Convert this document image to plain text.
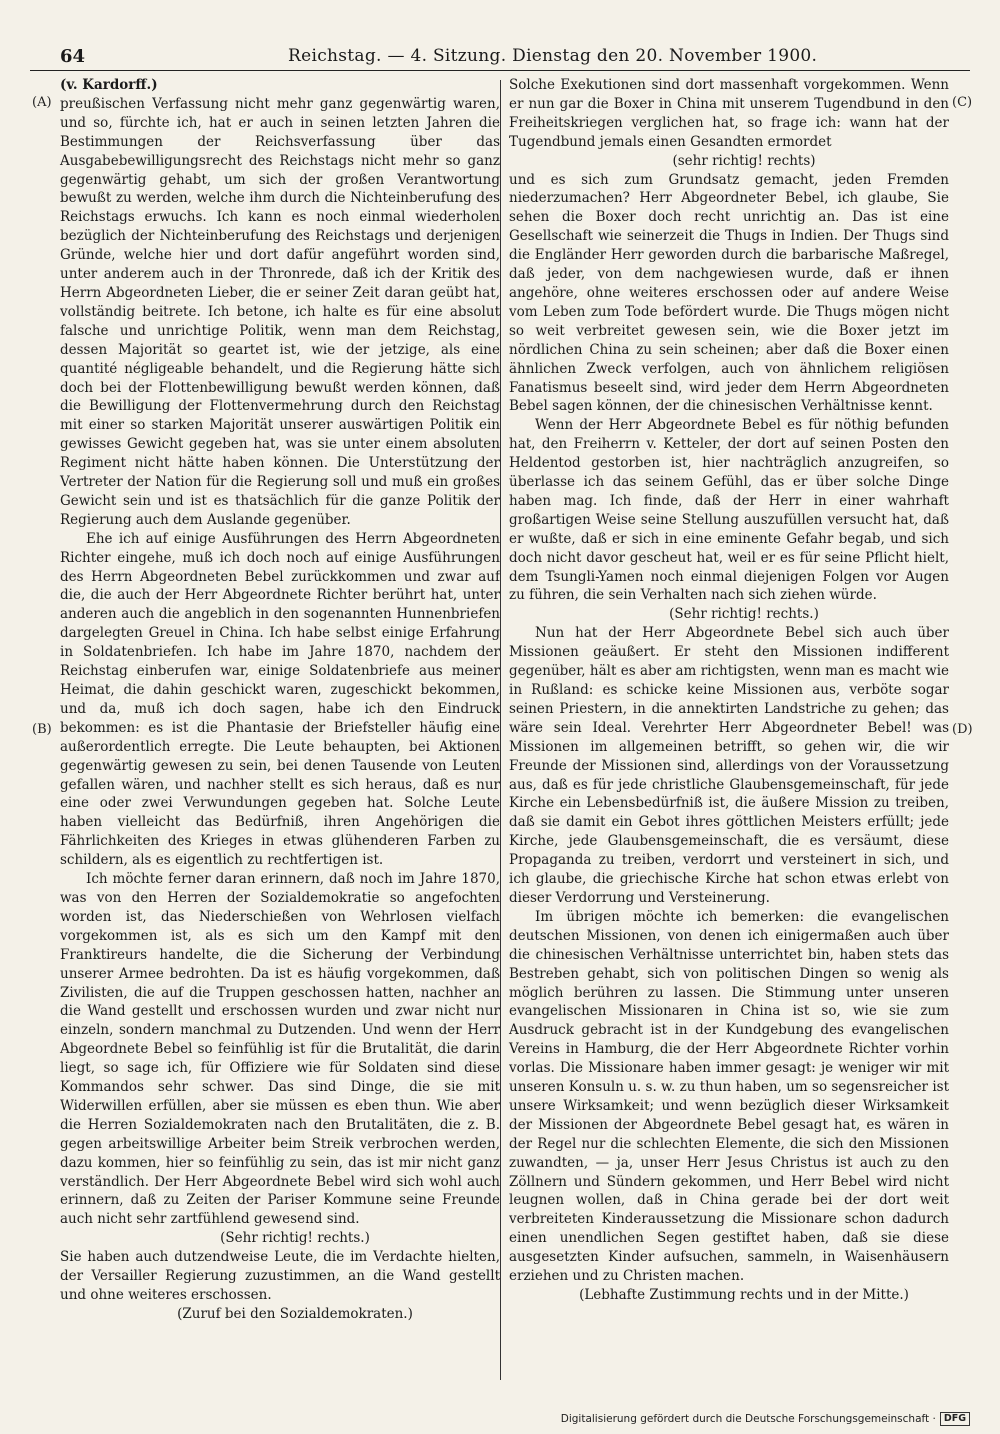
64	Reichstag. — 4. Sitzung. Dienstag den 20. November 1900.
(A)
(B)
(C)
(D)

(v. Kardorff.)

preußischen Verfassung nicht mehr ganz gegenwärtig waren, und so, fürchte ich, hat er auch in seinen letzten Jahren die Bestimmungen der Reichsverfassung über das Ausgabebewilligungsrecht des Reichstags nicht mehr so ganz gegenwärtig gehabt, um sich der großen Verantwortung bewußt zu werden, welche ihm durch die Nichteinberufung des Reichstags erwuchs. Ich kann es noch einmal wiederholen bezüglich der Nichteinberufung des Reichstags und derjenigen Gründe, welche hier und dort dafür angeführt worden sind, unter anderem auch in der Thronrede, daß ich der Kritik des Herrn Abgeordneten Lieber, die er seiner Zeit daran geübt hat, vollständig beitrete. Ich betone, ich halte es für eine absolut falsche und unrichtige Politik, wenn man dem Reichstag, dessen Majorität so geartet ist, wie der jetzige, als eine quantité négligeable behandelt, und die Regierung hätte sich doch bei der Flottenbewilligung bewußt werden können, daß die Bewilligung der Flottenvermehrung durch den Reichstag mit einer so starken Majorität unserer auswärtigen Politik ein gewisses Gewicht gegeben hat, was sie unter einem absoluten Regiment nicht hätte haben können. Die Unterstützung der Vertreter der Nation für die Regierung soll und muß ein großes Gewicht sein und ist es thatsächlich für die ganze Politik der Regierung auch dem Auslande gegenüber.

Ehe ich auf einige Ausführungen des Herrn Abgeordneten Richter eingehe, muß ich doch noch auf einige Ausführungen des Herrn Abgeordneten Bebel zurückkommen und zwar auf die, die auch der Herr Abgeordnete Richter berührt hat, unter anderen auch die angeblich in den sogenannten Hunnenbriefen dargelegten Greuel in China. Ich habe selbst einige Erfahrung in Soldatenbriefen. Ich habe im Jahre 1870, nachdem der Reichstag einberufen war, einige Soldatenbriefe aus meiner Heimat, die dahin geschickt waren, zugeschickt bekommen, und da, muß ich doch sagen, habe ich den Eindruck bekommen: es ist die Phantasie der Briefsteller häufig eine außerordentlich erregte. Die Leute behaupten, bei Aktionen gegenwärtig gewesen zu sein, bei denen Tausende von Leuten gefallen wären, und nachher stellt es sich heraus, daß es nur eine oder zwei Verwundungen gegeben hat. Solche Leute haben vielleicht das Bedürfniß, ihren Angehörigen die Fährlichkeiten des Krieges in etwas glühenderen Farben zu schildern, als es eigentlich zu rechtfertigen ist.

Ich möchte ferner daran erinnern, daß noch im Jahre 1870, was von den Herren der Sozialdemokratie so angefochten worden ist, das Niederschießen von Wehrlosen vielfach vorgekommen ist, als es sich um den Kampf mit den Franktireurs handelte, die die Sicherung der Verbindung unserer Armee bedrohten. Da ist es häufig vorgekommen, daß Zivilisten, die auf die Truppen geschossen hatten, nachher an die Wand gestellt und erschossen wurden und zwar nicht nur einzeln, sondern manchmal zu Dutzenden. Und wenn der Herr Abgeordnete Bebel so feinfühlig ist für die Brutalität, die darin liegt, so sage ich, für Offiziere wie für Soldaten sind diese Kommandos sehr schwer. Das sind Dinge, die sie mit Widerwillen erfüllen, aber sie müssen es eben thun. Wie aber die Herren Sozialdemokraten nach den Brutalitäten, die z. B. gegen arbeitswillige Arbeiter beim Streik verbrochen werden, dazu kommen, hier so feinfühlig zu sein, das ist mir nicht ganz verständlich. Der Herr Abgeordnete Bebel wird sich wohl auch erinnern, daß zu Zeiten der Pariser Kommune seine Freunde auch nicht sehr zartfühlend gewesend sind.

(Sehr richtig! rechts.)

Sie haben auch dutzendweise Leute, die im Verdachte hielten, der Versailler Regierung zuzustimmen, an die Wand gestellt und ohne weiteres erschossen.

(Zuruf bei den Sozialdemokraten.)

Solche Exekutionen sind dort massenhaft vorgekommen. Wenn er nun gar die Boxer in China mit unserem Tugendbund in den Freiheitskriegen verglichen hat, so frage ich: wann hat der Tugendbund jemals einen Gesandten ermordet

(sehr richtig! rechts)

und es sich zum Grundsatz gemacht, jeden Fremden niederzumachen? Herr Abgeordneter Bebel, ich glaube, Sie sehen die Boxer doch recht unrichtig an. Das ist eine Gesellschaft wie seinerzeit die Thugs in Indien. Der Thugs sind die Engländer Herr geworden durch die barbarische Maßregel, daß jeder, von dem nachgewiesen wurde, daß er ihnen angehöre, ohne weiteres erschossen oder auf andere Weise vom Leben zum Tode befördert wurde. Die Thugs mögen nicht so weit verbreitet gewesen sein, wie die Boxer jetzt im nördlichen China zu sein scheinen; aber daß die Boxer einen ähnlichen Zweck verfolgen, auch von ähnlichem religiösen Fanatismus beseelt sind, wird jeder dem Herrn Abgeordneten Bebel sagen können, der die chinesischen Verhältnisse kennt.

Wenn der Herr Abgeordnete Bebel es für nöthig befunden hat, den Freiherrn v. Ketteler, der dort auf seinen Posten den Heldentod gestorben ist, hier nachträglich anzugreifen, so überlasse ich das seinem Gefühl, das er über solche Dinge haben mag. Ich finde, daß der Herr in einer wahrhaft großartigen Weise seine Stellung auszufüllen versucht hat, daß er wußte, daß er sich in eine eminente Gefahr begab, und sich doch nicht davor gescheut hat, weil er es für seine Pflicht hielt, dem Tsungli-Yamen noch einmal diejenigen Folgen vor Augen zu führen, die sein Verhalten nach sich ziehen würde.

(Sehr richtig! rechts.)

Nun hat der Herr Abgeordnete Bebel sich auch über Missionen geäußert. Er steht den Missionen indifferent gegenüber, hält es aber am richtigsten, wenn man es macht wie in Rußland: es schicke keine Missionen aus, verböte sogar seinen Priestern, in die annektirten Landstriche zu gehen; das wäre sein Ideal. Verehrter Herr Abgeordneter Bebel! was Missionen im allgemeinen betrifft, so gehen wir, die wir Freunde der Missionen sind, allerdings von der Voraussetzung aus, daß es für jede christliche Glaubensgemeinschaft, für jede Kirche ein Lebensbedürfniß ist, die äußere Mission zu treiben, daß sie damit ein Gebot ihres göttlichen Meisters erfüllt; jede Kirche, jede Glaubensgemeinschaft, die es versäumt, diese Propaganda zu treiben, verdorrt und versteinert in sich, und ich glaube, die griechische Kirche hat schon etwas erlebt von dieser Verdorrung und Versteinerung.

Im übrigen möchte ich bemerken: die evangelischen deutschen Missionen, von denen ich einigermaßen auch über die chinesischen Verhältnisse unterrichtet bin, haben stets das Bestreben gehabt, sich von politischen Dingen so wenig als möglich berühren zu lassen. Die Stimmung unter unseren evangelischen Missionaren in China ist so, wie sie zum Ausdruck gebracht ist in der Kundgebung des evangelischen Vereins in Hamburg, die der Herr Abgeordnete Richter vorhin vorlas. Die Missionare haben immer gesagt: je weniger wir mit unseren Konsuln u. s. w. zu thun haben, um so segensreicher ist unsere Wirksamkeit; und wenn bezüglich dieser Wirksamkeit der Missionen der Abgeordnete Bebel gesagt hat, es wären in der Regel nur die schlechten Elemente, die sich den Missionen zuwandten, — ja, unser Herr Jesus Christus ist auch zu den Zöllnern und Sündern gekommen, und Herr Bebel wird nicht leugnen wollen, daß in China gerade bei der dort weit verbreiteten Kinderaussetzung die Missionare schon dadurch einen unendlichen Segen gestiftet haben, daß sie diese ausgesetzten Kinder aufsuchen, sammeln, in Waisenhäusern erziehen und zu Christen machen.

(Lebhafte Zustimmung rechts und in der Mitte.)

Digitalisierung gefördert durch die Deutsche Forschungsgemeinschaft · DFG
